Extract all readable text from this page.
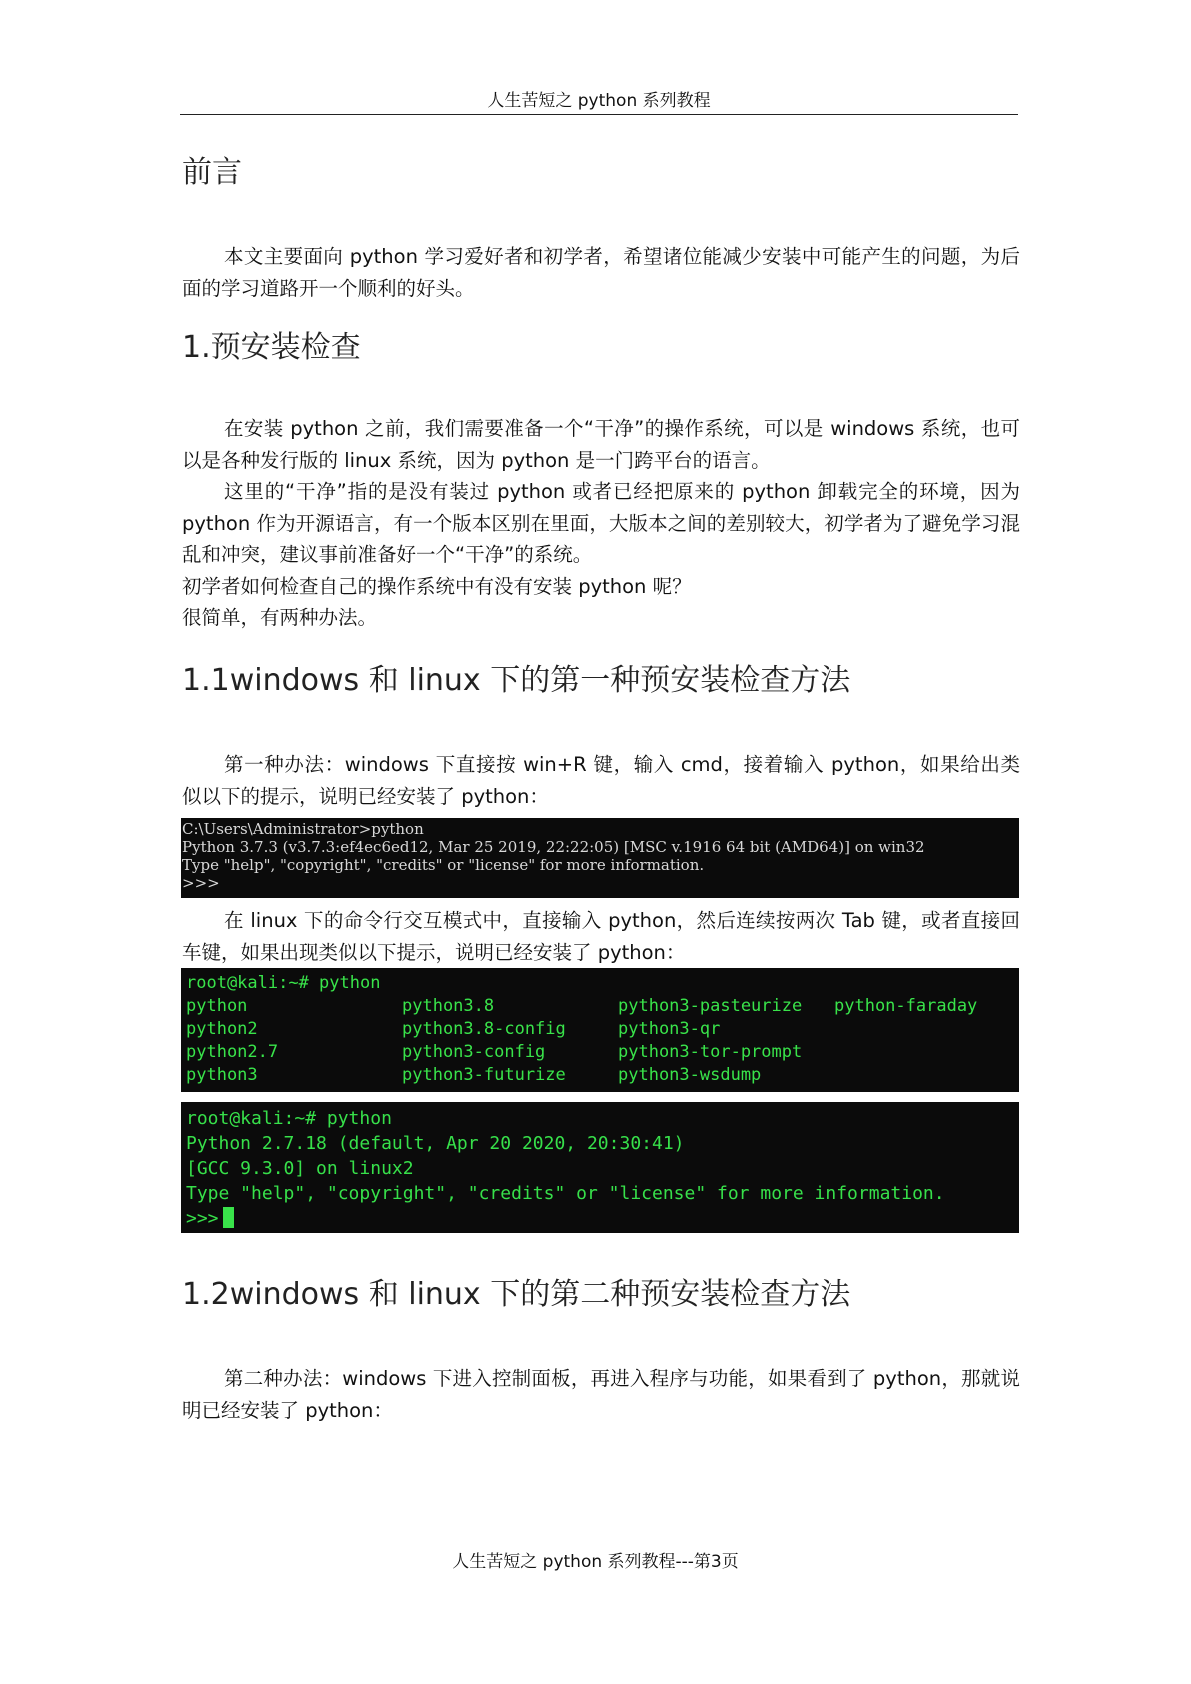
人生苦短之 python 系列教程
前言

本文主要面向 python 学习爱好者和初学者，希望诸位能减少安装中可能产生的问题，为后面的学习道路开一个顺利的好头。

1.预安装检查

在安装 python 之前，我们需要准备一个“干净”的操作系统，可以是 windows 系统，也可以是各种发行版的 linux 系统，因为 python 是一门跨平台的语言。

这里的“干净”指的是没有装过 python 或者已经把原来的 python 卸载完全的环境，因为 python 作为开源语言，有一个版本区别在里面，大版本之间的差别较大，初学者为了避免学习混乱和冲突，建议事前准备好一个“干净”的系统。

初学者如何检查自己的操作系统中有没有安装 python 呢？

很简单，有两种办法。

1.1windows 和 linux 下的第一种预安装检查方法

第一种办法：windows 下直接按 win+R 键，输入 cmd，接着输入 python，如果给出类似以下的提示，说明已经安装了 python：

C:\Users\Administrator>python
Python 3.7.3 (v3.7.3:ef4ec6ed12, Mar 25 2019, 22:22:05) [MSC v.1916 64 bit (AMD64)] on win32
Type "help", "copyright", "credits" or "license" for more information.
>>>

在 linux 下的命令行交互模式中，直接输入 python，然后连续按两次 Tab 键，或者直接回车键，如果出现类似以下提示，说明已经安装了 python：

root@kali:~# python
python	python3.8	python3-pasteurize	python-faraday
python2	python3.8-config	python3-qr
python2.7	python3-config	python3-tor-prompt
python3	python3-futurize	python3-wsdump
root@kali:~# python
Python 2.7.18 (default, Apr 20 2020, 20:30:41)
[GCC 9.3.0] on linux2
Type "help", "copyright", "credits" or "license" for more information.
>>>
1.2windows 和 linux 下的第二种预安装检查方法

第二种办法：windows 下进入控制面板，再进入程序与功能，如果看到了 python，那就说明已经安装了 python：

人生苦短之 python 系列教程---第3页
